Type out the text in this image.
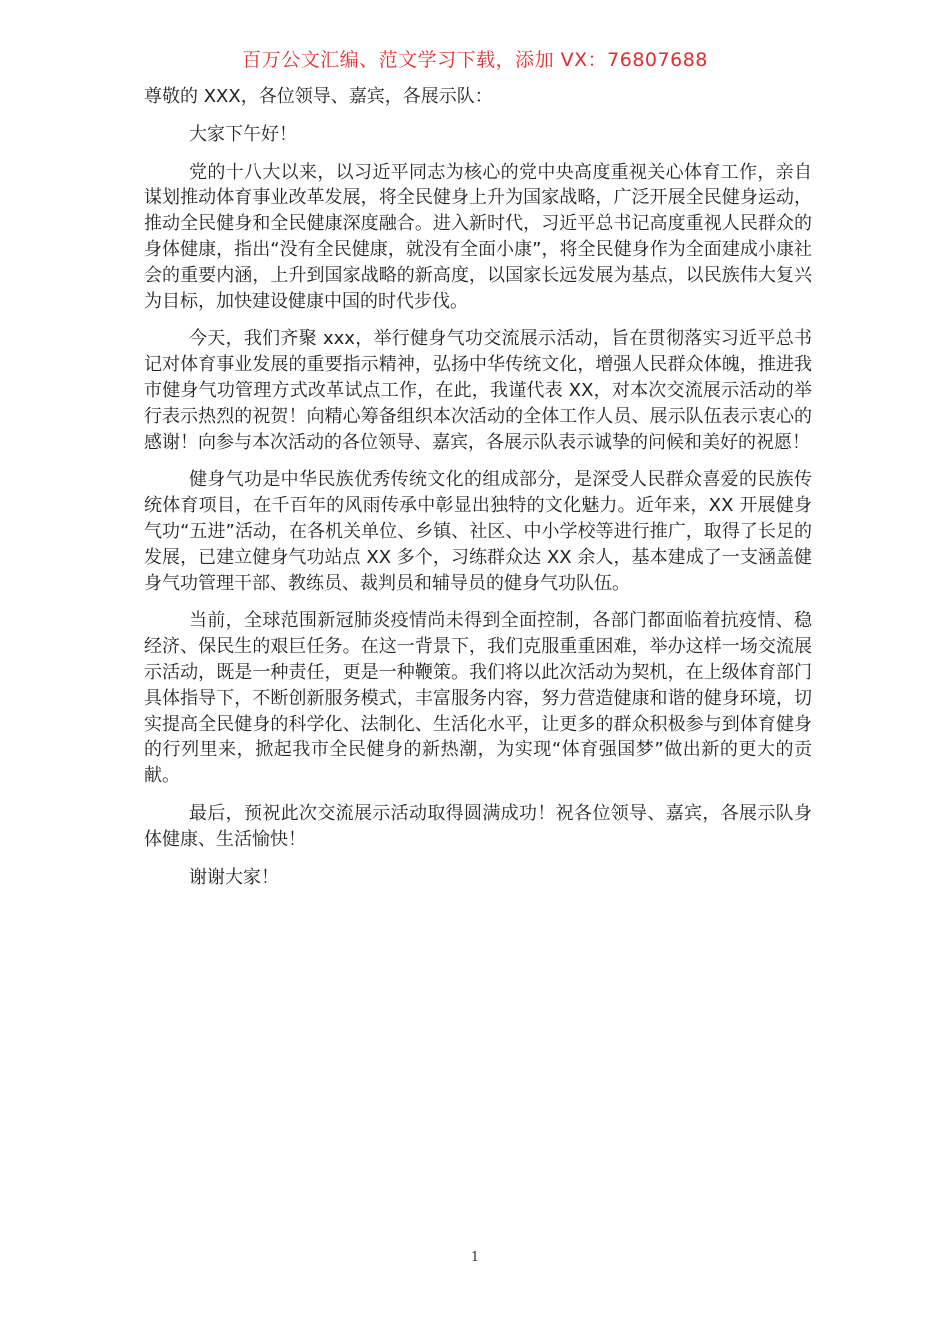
百万公文汇编、范文学习下载，添加 VX：76807688

尊敬的 XXX，各位领导、嘉宾，各展示队：

大家下午好！

党的十八大以来，以习近平同志为核心的党中央高度重视关心体育工作，亲自谋划推动体育事业改革发展，将全民健身上升为国家战略，广泛开展全民健身运动，推动全民健身和全民健康深度融合。进入新时代，习近平总书记高度重视人民群众的身体健康，指出“没有全民健康，就没有全面小康”，将全民健身作为全面建成小康社会的重要内涵，上升到国家战略的新高度，以国家长远发展为基点，以民族伟大复兴为目标，加快建设健康中国的时代步伐。

今天，我们齐聚 xxx，举行健身气功交流展示活动，旨在贯彻落实习近平总书记对体育事业发展的重要指示精神，弘扬中华传统文化，增强人民群众体魄，推进我市健身气功管理方式改革试点工作，在此，我谨代表 XX，对本次交流展示活动的举行表示热烈的祝贺！向精心筹备组织本次活动的全体工作人员、展示队伍表示衷心的感谢！向参与本次活动的各位领导、嘉宾，各展示队表示诚挚的问候和美好的祝愿！

健身气功是中华民族优秀传统文化的组成部分，是深受人民群众喜爱的民族传统体育项目，在千百年的风雨传承中彰显出独特的文化魅力。近年来，XX 开展健身气功“五进”活动，在各机关单位、乡镇、社区、中小学校等进行推广，取得了长足的发展，已建立健身气功站点 XX 多个，习练群众达 XX 余人，基本建成了一支涵盖健身气功管理干部、教练员、裁判员和辅导员的健身气功队伍。

当前，全球范围新冠肺炎疫情尚未得到全面控制，各部门都面临着抗疫情、稳经济、保民生的艰巨任务。在这一背景下，我们克服重重困难，举办这样一场交流展示活动，既是一种责任，更是一种鞭策。我们将以此次活动为契机，在上级体育部门具体指导下，不断创新服务模式，丰富服务内容，努力营造健康和谐的健身环境，切实提高全民健身的科学化、法制化、生活化水平，让更多的群众积极参与到体育健身的行列里来，掀起我市全民健身的新热潮，为实现“体育强国梦”做出新的更大的贡献。

最后，预祝此次交流展示活动取得圆满成功！祝各位领导、嘉宾，各展示队身体健康、生活愉快！

谢谢大家！

1
